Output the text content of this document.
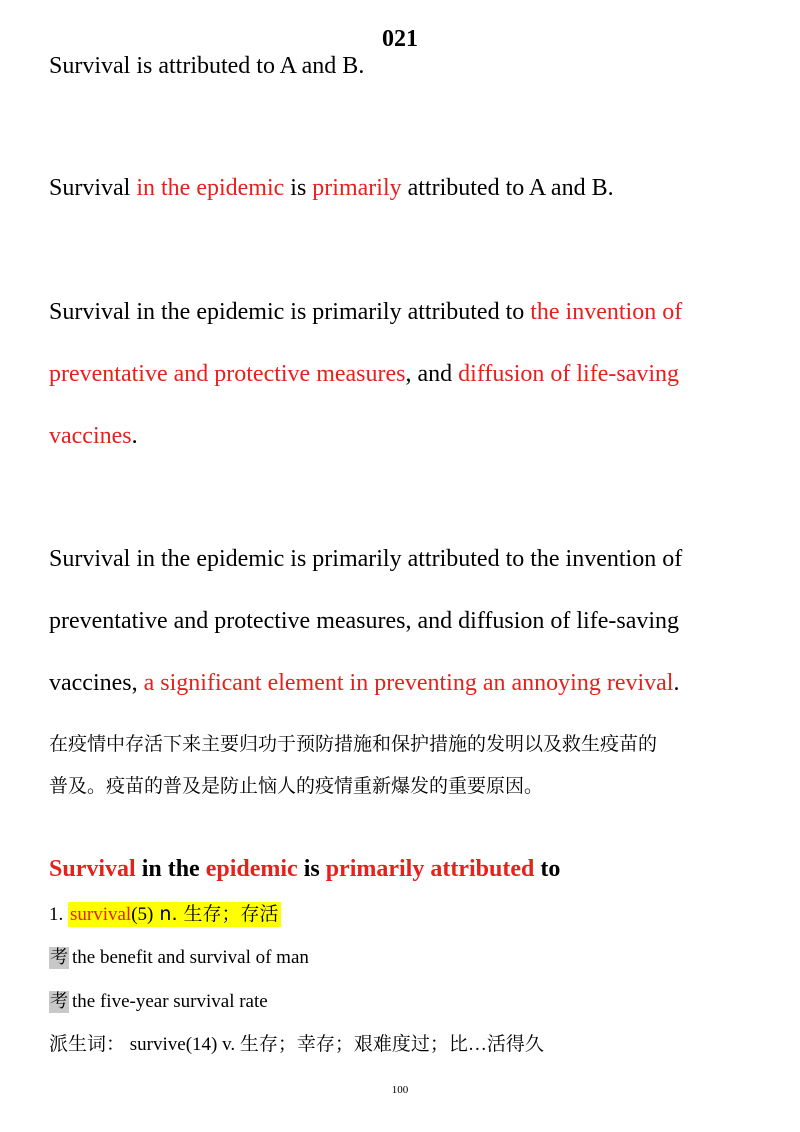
021
Survival is attributed to A and B.
Survival in the epidemic is primarily attributed to A and B.
Survival in the epidemic is primarily attributed to the invention of
preventative and protective measures, and diffusion of life-saving
vaccines.
Survival in the epidemic is primarily attributed to the invention of
preventative and protective measures, and diffusion of life-saving
vaccines, a significant element in preventing an annoying revival.
在疫情中存活下来主要归功于预防措施和保护措施的发明以及救生疫苗的
普及。疫苗的普及是防止恼人的疫情重新爆发的重要原因。
Survival in the epidemic is primarily attributed to
1. survival(5) n. 生存；存活
考 the benefit and survival of man
考 the five-year survival rate
派生词： survive(14) v. 生存；幸存；艰难度过；比…活得久
100
